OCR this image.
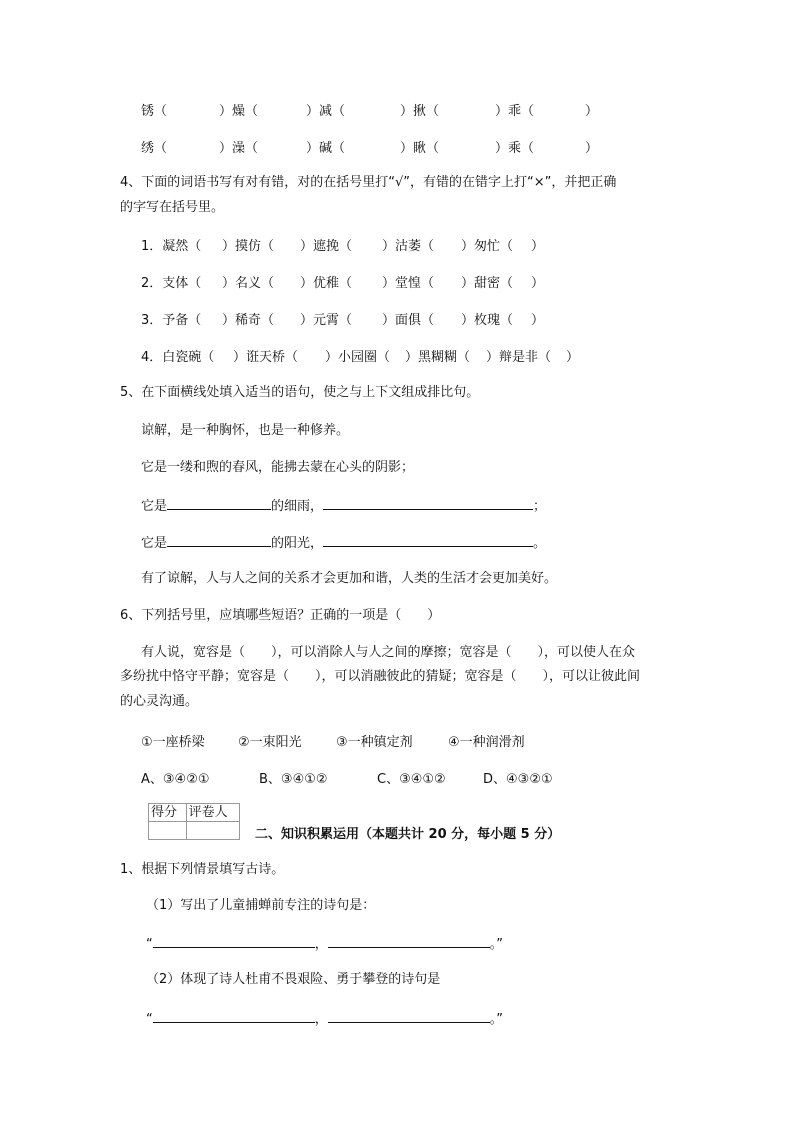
锈（	）燥（	）减（	）揪（	）乖（	）
绣（	）澡（	）碱（	）瞅（	）乘（	）
4、下面的词语书写有对有错，对的在括号里打“√”，有错的在错字上打“×”，并把正确
的字写在括号里。
1．凝然（ ）摸仿（ ）遮挽（ ）沽萎（ ）匆忙（ ）
2．支体（ ）名义（ ）优稚（ ）堂惶（ ）甜密（ ）
3．予备（ ）稀奇（ ）元霄（ ）面俱（ ）枚瑰（ ）
4．白瓷碗（ ）诳天桥（ ）小园圈（ ）黑糊糊（ ）辩是非（ ）
5、在下面横线处填入适当的语句，使之与上下文组成排比句。
谅解，是一种胸怀，也是一种修养。
它是一缕和煦的春风，能拂去蒙在心头的阴影；
它是	的细雨，	；
它是	的阳光，	。
有了谅解，人与人之间的关系才会更加和谐，人类的生活才会更加美好。
6、下列括号里，应填哪些短语？正确的一项是（　　）
有人说，宽容是（　　），可以消除人与人之间的摩擦；宽容是（　　），可以使人在众
多纷扰中恪守平静；宽容是（　　），可以消融彼此的猜疑；宽容是（　　），可以让彼此间
的心灵沟通。
①一座桥梁	②一束阳光	③一种镇定剂	④一种润滑剂
A、③④②①	B、③④①②	C、③④①②	D、④③②①
得分	评卷人

二、知识积累运用（本题共计 20 分，每小题 5 分）
1、根据下列情景填写古诗。
（1）写出了儿童捕蝉前专注的诗句是：
“	，	。”
（2）体现了诗人杜甫不畏艰险、勇于攀登的诗句是
“	，	。”
